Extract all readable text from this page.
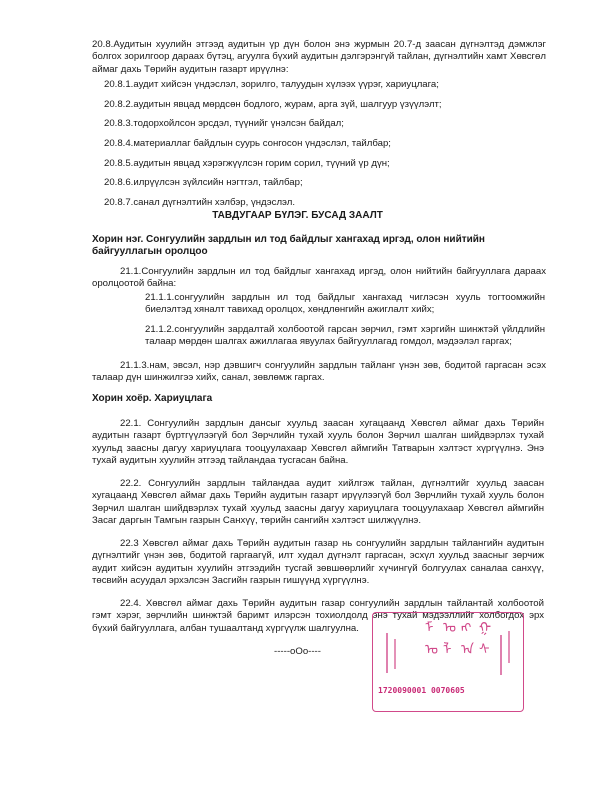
20.8.Аудитын хуулийн этгээд аудитын үр дүн болон энэ журмын 20.7-д заасан дүгнэлтэд дэмжлэг болгох зорилгоор дараах бүтэц, агуулга бүхий аудитын дэлгэрэнгүй тайлан, дүгнэлтийн хамт Хөвсгөл аймаг дахь Төрийн аудитын газарт ирүүлнэ:

20.8.1.аудит хийсэн үндэслэл, зорилго, талуудын хүлээх үүрэг, хариуцлага;

20.8.2.аудитын явцад мөрдсөн бодлого, журам, арга зүй, шалгуур үзүүлэлт;

20.8.3.тодорхойлсон эрсдэл, түүнийг үнэлсэн байдал;

20.8.4.материаллаг байдлын суурь сонгосон үндэслэл, тайлбар;

20.8.5.аудитын явцад хэрэгжүүлсэн горим сорил, түүний үр дүн;

20.8.6.илрүүлсэн зүйлсийн нэгтгэл, тайлбар;

20.8.7.санал дүгнэлтийн хэлбэр, үндэслэл.

ТАВДУГААР БҮЛЭГ. БУСАД ЗААЛТ

Хорин нэг. Сонгуулийн зардлын ил тод байдлыг хангахад иргэд, олон нийтийн байгууллагын оролцоо

21.1.Сонгуулийн зардлын ил тод байдлыг хангахад иргэд, олон нийтийн байгууллага дараах оролцоотой байна:

21.1.1.сонгуулийн зардлын ил тод байдлыг хангахад чиглэсэн хууль тогтоомжийн биелэлтэд хяналт тавихад оролцох, хөндлөнгийн ажиглалт хийх;

21.1.2.сонгуулийн зардалтай холбоотой гарсан зөрчил, гэмт хэргийн шинжтэй үйлдлийн талаар мөрдөн шалгах ажиллагаа явуулах байгууллагад гомдол, мэдээлэл гаргах;

21.1.3.нам, эвсэл, нэр дэвшигч сонгуулийн зардлын тайланг үнэн зөв, бодитой гаргасан эсэх талаар дүн шинжилгээ хийх, санал, зөвлөмж гаргах.

Хорин хоёр. Хариуцлага

22.1. Сонгуулийн зардлын дансыг хуульд заасан хугацаанд Хөвсгөл аймаг дахь Төрийн аудитын газарт бүртгүүлээгүй бол Зөрчлийн тухай хууль болон Зөрчил шалган шийдвэрлэх тухай хуульд заасны дагуу хариуцлага тооцуулахаар Хөвсгөл аймгийн Татварын хэлтэст хүргүүлнэ. Энэ тухай аудитын хуулийн этгээд тайландаа тусгасан байна.

22.2. Сонгуулийн зардлын тайландаа аудит хийлгэж тайлан, дүгнэлтийг хуульд заасан хугацаанд Хөвсгөл аймаг дахь Төрийн аудитын газарт ирүүлээгүй бол Зөрчлийн тухай хууль болон Зөрчил шалган шийдвэрлэх тухай хуульд заасны дагуу хариуцлага тооцуулахаар Хөвсгөл аймгийн Засаг даргын Тамгын газрын Санхүү, төрийн сангийн хэлтэст шилжүүлнэ.

22.3 Хөвсгөл аймаг дахь Төрийн аудитын газар нь сонгуулийн зардлын тайлангийн аудитын дүгнэлтийг үнэн зөв, бодитой гаргаагүй, илт худал дүгнэлт гаргасан, эсхүл хуульд заасныг зөрчиж аудит хийсэн аудитын хуулийн этгээдийн тусгай зөвшөөрлийг хүчингүй болгуулах саналаа санхүү, төсвийн асуудал эрхэлсэн Засгийн газрын гишүүнд хүргүүлнэ.

22.4. Хөвсгөл аймаг дахь Төрийн аудитын газар сонгуулийн зардлын тайлантай холбоотой гэмт хэрэг, зөрчлийн шинжтэй баримт илэрсэн тохиолдолд энэ тухай мэдээллийг холбогдох эрх бүхий байгууллага, албан тушаалтанд хүргүүлж шалгуулна.

-----oOo----

ᠮ ᠣ ᠩ ᠭ
ᠤ ᠯ ᠠ ᠰ
1720090001 0070605
